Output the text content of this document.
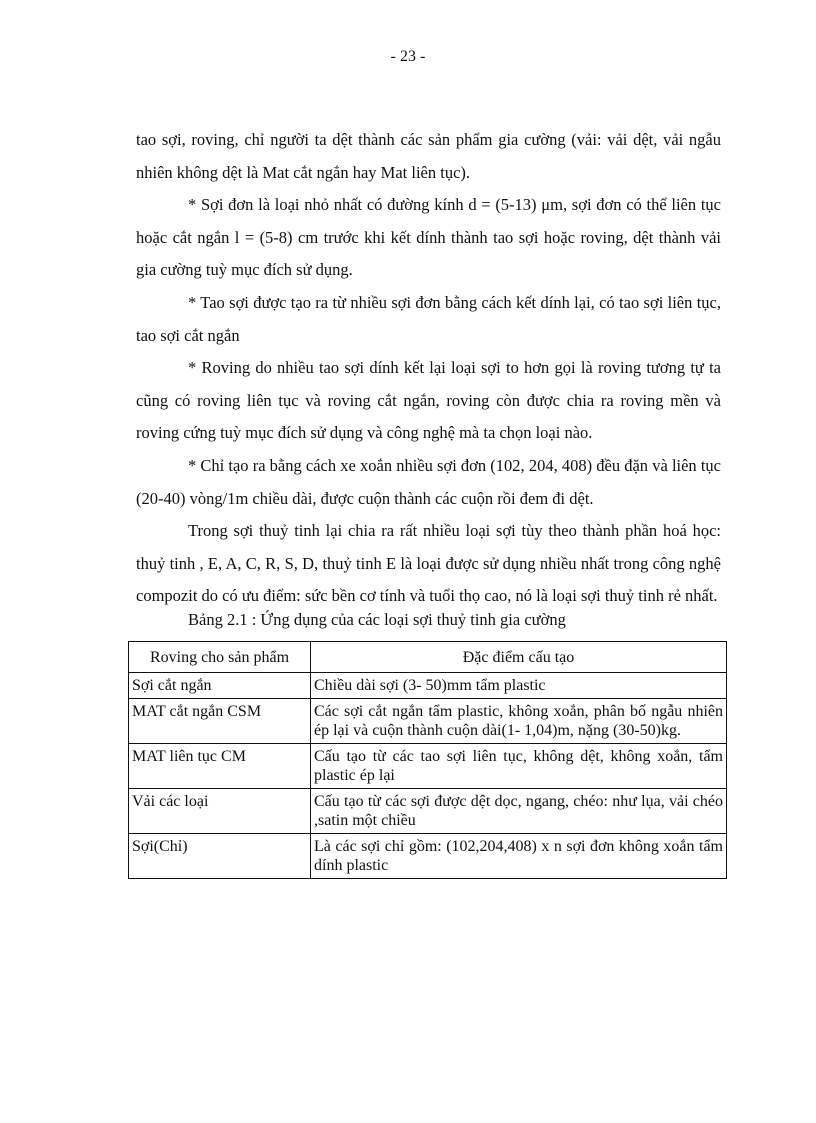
- 23 -

tao sợi, roving, chỉ người ta dệt thành các sản phẩm gia cường (vải: vải dệt, vải ngẫu nhiên không dệt là Mat cắt ngắn hay Mat liên tục).

* Sợi đơn là loại nhỏ nhất có đường kính d = (5-13) μm, sợi đơn có thể liên tục hoặc cắt ngắn l = (5-8) cm trước khi kết dính thành tao sợi hoặc roving, dệt thành vải gia cường tuỳ mục đích sử dụng.

* Tao sợi được tạo ra từ nhiều sợi đơn bằng cách kết dính lại, có tao sợi liên tục, tao sợi cắt ngắn

* Roving do nhiều tao sợi dính kết lại loại sợi to hơn gọi là roving tương tự ta cũng có roving liên tục và roving cắt ngắn, roving còn được chia ra roving mền và roving cứng tuỳ mục đích sử dụng và công nghệ mà ta chọn loại nào.

* Chỉ tạo ra bằng cách xe xoắn nhiều sợi đơn (102, 204, 408) đều đặn và liên tục (20-40) vòng/1m chiều dài, được cuộn thành các cuộn rồi đem đi dệt.

Trong sợi thuỷ tinh lại chia ra rất nhiều loại sợi tùy theo thành phần hoá học: thuỷ tinh , E, A, C, R, S, D, thuỷ tinh E là loại được sử dụng nhiều nhất trong công nghệ compozit do có ưu điểm: sức bền cơ tính và tuổi thọ cao, nó là loại sợi thuỷ tinh rẻ nhất.

Bảng 2.1 : Ứng dụng của các loại sợi thuỷ tinh gia cường
Roving cho sản phẩm	Đặc điểm cấu tạo
Sợi cắt ngắn	Chiều dài sợi (3- 50)mm tẩm plastic
MAT cắt ngắn CSM	Các sợi cắt ngắn tẩm plastic, không xoắn, phân bố ngẫu nhiên ép lại và cuộn thành cuộn dài(1- 1,04)m, nặng (30-50)kg.
MAT liên tục CM	Cấu tạo từ các tao sợi liên tục, không dệt, không xoắn, tẩm plastic ép lại
Vải các loại	Cấu tạo từ các sợi được dệt dọc, ngang, chéo: như lụa, vải chéo ,satin một chiều
Sợi(Chỉ)	Là các sợi chỉ gồm: (102,204,408) x n sợi đơn không xoắn tẩm dính plastic
